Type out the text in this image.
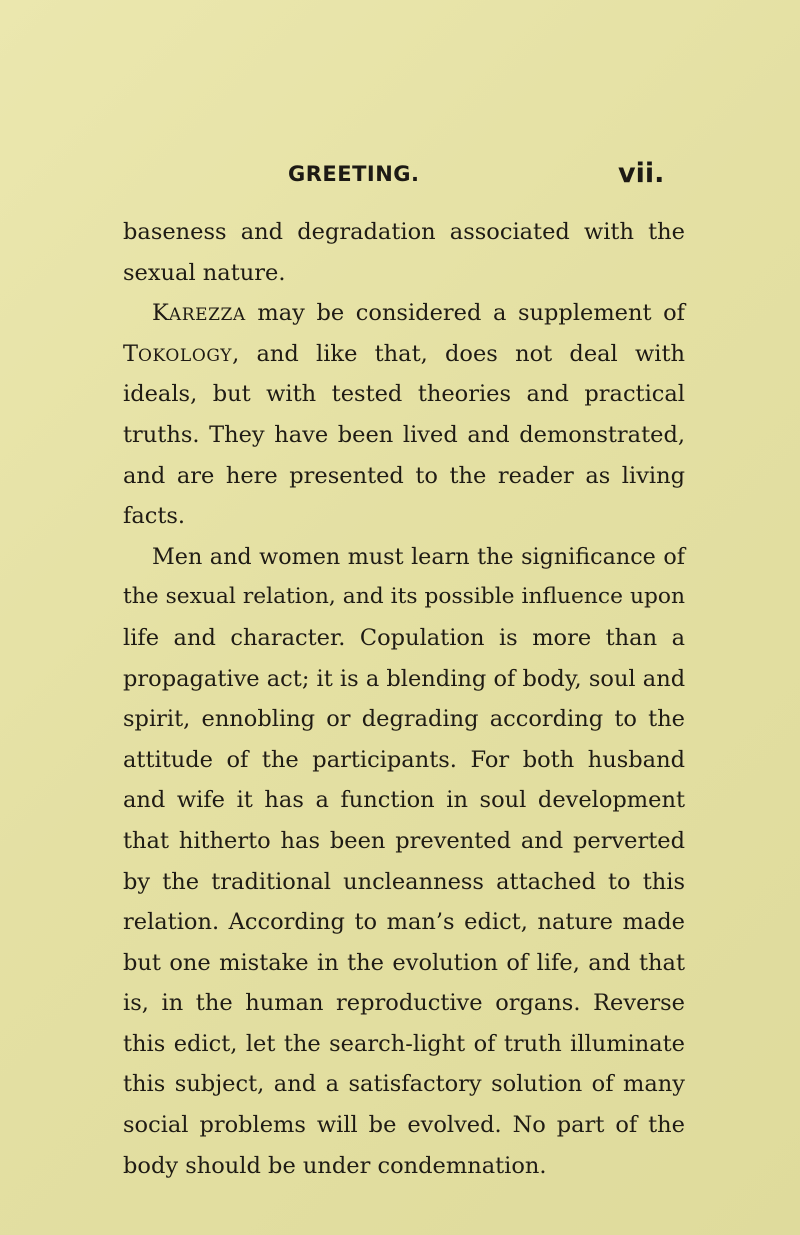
GREETING.	vii.
baseness and degradation associated with the
sexual nature.
KAREZZA may be considered a supplement of
TOKOLOGY, and like that, does not deal with
ideals, but with tested theories and practical
truths. They have been lived and demonstrated,
and are here presented to the reader as living
facts.
Men and women must learn the significance of
the sexual relation, and its possible influence upon
life and character. Copulation is more than a
propagative act; it is a blending of body, soul and
spirit, ennobling or degrading according to the
attitude of the participants. For both husband
and wife it has a function in soul development
that hitherto has been prevented and perverted
by the traditional uncleanness attached to this
relation. According to man’s edict, nature made
but one mistake in the evolution of life, and that
is, in the human reproductive organs. Reverse
this edict, let the search-light of truth illuminate
this subject, and a satisfactory solution of many
social problems will be evolved. No part of the
body should be under condemnation.
